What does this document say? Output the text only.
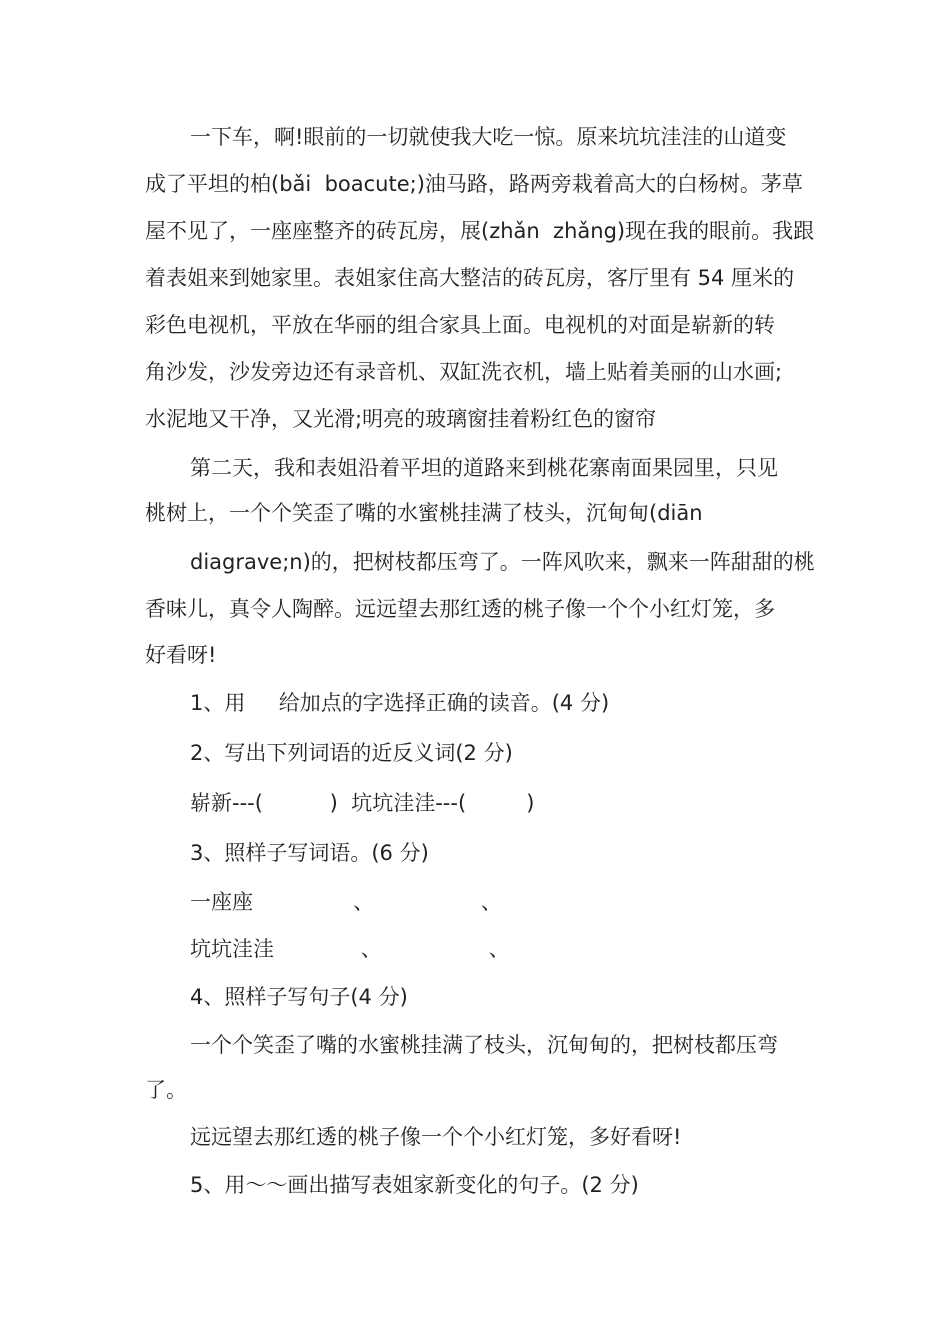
一下车，啊!眼前的一切就使我大吃一惊。原来坑坑洼洼的山道变
成了平坦的柏(bǎi  boacute;)油马路，路两旁栽着高大的白杨树。茅草
屋不见了，一座座整齐的砖瓦房，展(zhǎn  zhǎng)现在我的眼前。我跟
着表姐来到她家里。表姐家住高大整洁的砖瓦房，客厅里有 54 厘米的
彩色电视机，平放在华丽的组合家具上面。电视机的对面是崭新的转
角沙发，沙发旁边还有录音机、双缸洗衣机，墙上贴着美丽的山水画;
水泥地又干净，又光滑;明亮的玻璃窗挂着粉红色的窗帘
第二天，我和表姐沿着平坦的道路来到桃花寨南面果园里，只见
桃树上，一个个笑歪了嘴的水蜜桃挂满了枝头，沉甸甸(diān
diagrave;n)的，把树枝都压弯了。一阵风吹来，飘来一阵甜甜的桃
香味儿，真令人陶醉。远远望去那红透的桃子像一个个小红灯笼，多
好看呀!
1、用     给加点的字选择正确的读音。(4 分)
2、写出下列词语的近反义词(2 分)
崭新---(          )  坑坑洼洼---(         )
3、照样子写词语。(6 分)
一座座               、                、
坑坑洼洼             、                、
4、照样子写句子(4 分)
一个个笑歪了嘴的水蜜桃挂满了枝头，沉甸甸的，把树枝都压弯
了。
远远望去那红透的桃子像一个个小红灯笼，多好看呀!
5、用～～画出描写表姐家新变化的句子。(2 分)
